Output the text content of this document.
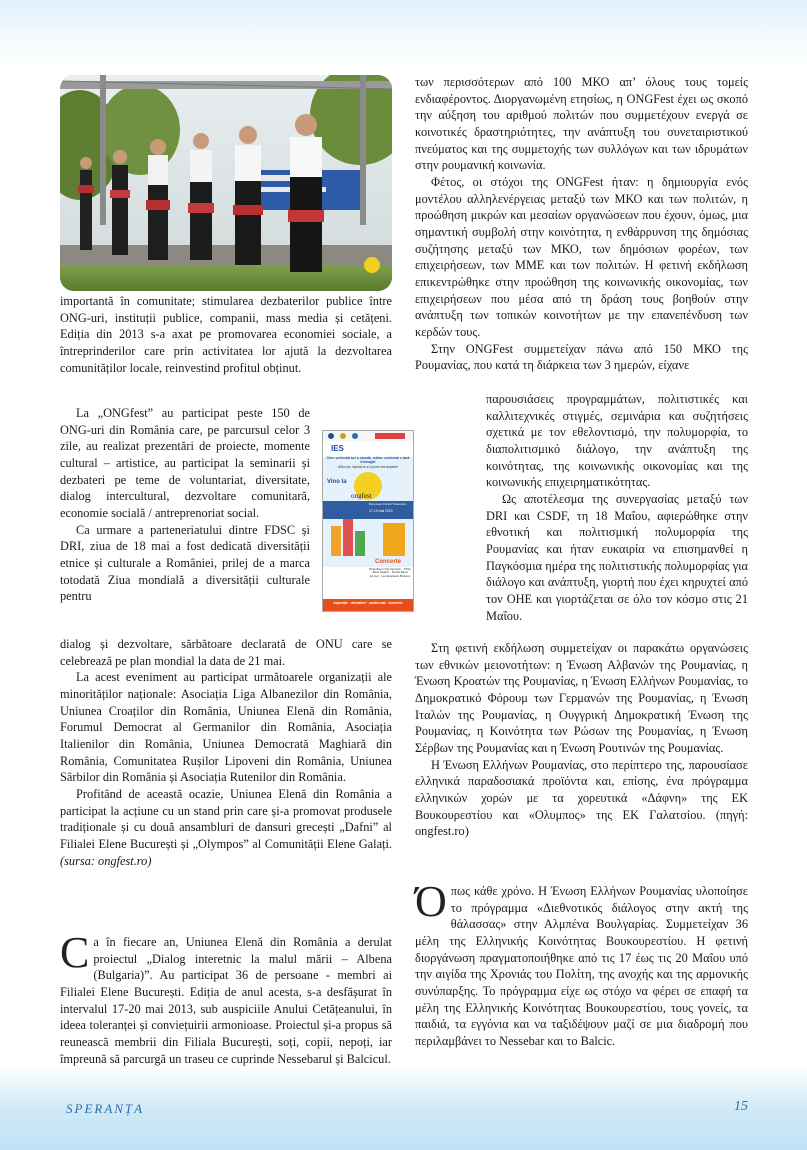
IES
Cine schimbă azi o stradă, mâine schimbă o țară Intreagă!
Află cum, implică-te și ți pune mai departe!
Vino la
ongfest
București, Parcul Tineretului
17-19 mai 2013
Concerte
Butterflies in My Stomach · TIPIC · Band Reaktiv · Puzzle Band · Ad Hoc · Les Elephants Bizarres
expoziție · dezbateri · nonformal · concerte

importantă în comunitate; stimularea dezbaterilor publice între ONG-uri, instituții publice, companii, mass media și cetățeni. Ediția din 2013 s-a axat pe promovarea economiei sociale, a întreprinderilor care prin activitatea lor ajută la dezvoltarea comunităților locale, reinvestind profitul obținut.

La „ONGfest” au participat peste 150 de ONG-uri din România care, pe parcursul celor 3 zile, au realizat prezentări de proiecte, momente cultural – artistice, au participat la seminarii și dezbateri pe teme de voluntariat, diversitate, dialog intercultural, dezvoltare comunitară, economie socială / antreprenoriat social.

Ca urmare a parteneriatului dintre FDSC și DRI, ziua de 18 mai a fost dedicată diversității etnice și culturale a României, prilej de a marca totodată Ziua mondială a diversității culturale pentru

dialog și dezvoltare, sărbătoare declarată de ONU care se celebrează pe plan mondial la data de 21 mai.

La acest eveniment au participat următoarele organizații ale minorităților naționale: Asociația Liga Albanezilor din România, Uniunea Croaților din România, Uniunea Elenă din România, Forumul Democrat al Germanilor din România, Asociația Italienilor din România, Uniunea Democrată Maghiară din România, Comunitatea Rușilor Lipoveni din România, Uniunea Sârbilor din România și Asociația Rutenilor din România.

Profitând de această ocazie, Uniunea Elenă din România a participat la acțiune cu un stand prin care și-a promovat produsele tradiționale și cu două ansambluri de dansuri grecești „Dafni” al Filialei Elene București și „Olympos” al Comunității Elene Galați. (sursa: ongfest.ro)

Ca în fiecare an, Uniunea Elenă din România a derulat proiectul „Dialog interetnic la malul mării – Albena (Bulgaria)”. Au participat 36 de persoane - membri ai Filialei Elene București. Ediția de anul acesta, s-a desfășurat în intervalul 17-20 mai 2013, sub auspiciile Anului Cetățeanului, în ideea toleranței și conviețuirii armonioase. Proiectul și-a propus să reunească membrii din Filiala București, soți, copii, nepoți, iar împreună să parcurgă un traseu ce cuprinde Nessebarul și Balcicul.

των περισσότερων από 100 ΜΚΟ απ’ όλους τους τομείς ενδιαφέροντος. Διοργανωμένη ετησίως, η ONGFest έχει ως σκοπό την αύξηση του αριθμού πολιτών που συμμετέχουν ενεργά σε κοινοτικές δραστηριότητες, την ανάπτυξη του συνεταιριστικού πνεύματος και της συμμετοχής των συλλόγων και των ιδρυμάτων στην ρουμανική κοινωνία.

Φέτος, οι στόχοι της ONGFest ήταν: η δημιουργία ενός μοντέλου αλληλενέργειας μεταξύ των ΜΚΟ και των πολιτών, η προώθηση μικρών και μεσαίων οργανώσεων που έχουν, όμως, μια σημαντική συμβολή στην κοινότητα, η ενθάρρυνση της δημόσιας συζήτησης μεταξύ των ΜΚΟ, των δημόσιων φορέων, των επιχειρήσεων, των ΜΜΕ και των πολιτών. Η φετινή εκδήλωση επικεντρώθηκε στην προώθηση της κοινωνικής οικονομίας, των επιχειρήσεων που μέσα από τη δράση τους βοηθούν στην ανάπτυξη των τοπικών κοινοτήτων με την επανεπένδυση των κερδών τους.

Στην ONGFest συμμετείχαν πάνω από 150 ΜΚΟ της Ρουμανίας, που κατά τη διάρκεια των 3 ημερών, είχανε

παρουσιάσεις προγραμμάτων, πολιτιστικές και καλλιτεχνικές στιγμές, σεμινάρια και συζητήσεις σχετικά με τον εθελοντισμό, την πολυμορφία, το διαπολιτισμικό διάλογο, την ανάπτυξη της κοινότητας, της κοινωνικής οικονομίας και της κοινωνικής επιχειρηματικότητας.

Ως αποτέλεσμα της συνεργασίας μεταξύ των DRI και CSDF, τη 18 Μαΐου, αφιερώθηκε στην εθνοτική και πολιτισμική πολυμορφία της Ρουμανίας και ήταν ευκαιρία να επισημανθεί η Παγκόσμια ημέρα της πολιτιστικής πολυμορφίας για διάλογο και ανάπτυξη, γιορτή που έχει κηρυχτεί από τον ΟΗΕ και γιορτάζεται σε όλο τον κόσμο στις 21 Μαΐου.

Στη φετινή εκδήλωση συμμετείχαν οι παρακάτω οργανώσεις των εθνικών μειονοτήτων: η Ένωση Αλβανών της Ρουμανίας, η Ένωση Κροατών της Ρουμανίας, η Ένωση Ελλήνων Ρουμανίας, το Δημοκρατικό Φόρουμ των Γερμανών της Ρουμανίας, η Ένωση Ιταλών της Ρουμανίας, η Ουγγρική Δημοκρατική Ένωση της Ρουμανίας, η Κοινότητα των Ρώσων της Ρουμανίας, η Ένωση Σέρβων της Ρουμανίας και η Ένωση Ρουτινών της Ρουμανίας.

Η Ένωση Ελλήνων Ρουμανίας, στο περίπτερο της, παρουσίασε ελληνικά παραδοσιακά προϊόντα και, επίσης, ένα πρόγραμμα ελληνικών χορών με τα χορευτικά «Δάφνη» της ΕΚ Βουκουρεστίου και «Ολυμπος» της ΕΚ Γαλατσίου. (πηγή: ongfest.ro)

Όπως κάθε χρόνο. Η Ένωση Ελλήνων Ρουμανίας υλοποίησε το πρόγραμμα «Διεθνοτικός διάλογος στην ακτή της θάλασσας» στην Αλμπένα Βουλγαρίας. Συμμετείχαν 36 μέλη της Ελληνικής Κοινότητας Βουκουρεστίου. Η φετινή διοργάνωση πραγματοποιήθηκε από τις 17 έως τις 20 Μαΐου υπό την αιγίδα της Χρονιάς του Πολίτη, της ανοχής και της αρμονικής συνύπαρξης. Το πρόγραμμα είχε ως στόχο να φέρει σε επαφή τα μέλη της Ελληνικής Κοινότητας Βουκουρεστίου, τους γονείς, τα παιδιά, τα εγγόνια και να ταξιδέψουν μαζί σε μια διαδρομή που περιλαμβάνει το Nessebar και το Balcic.

SPERANȚA	15
